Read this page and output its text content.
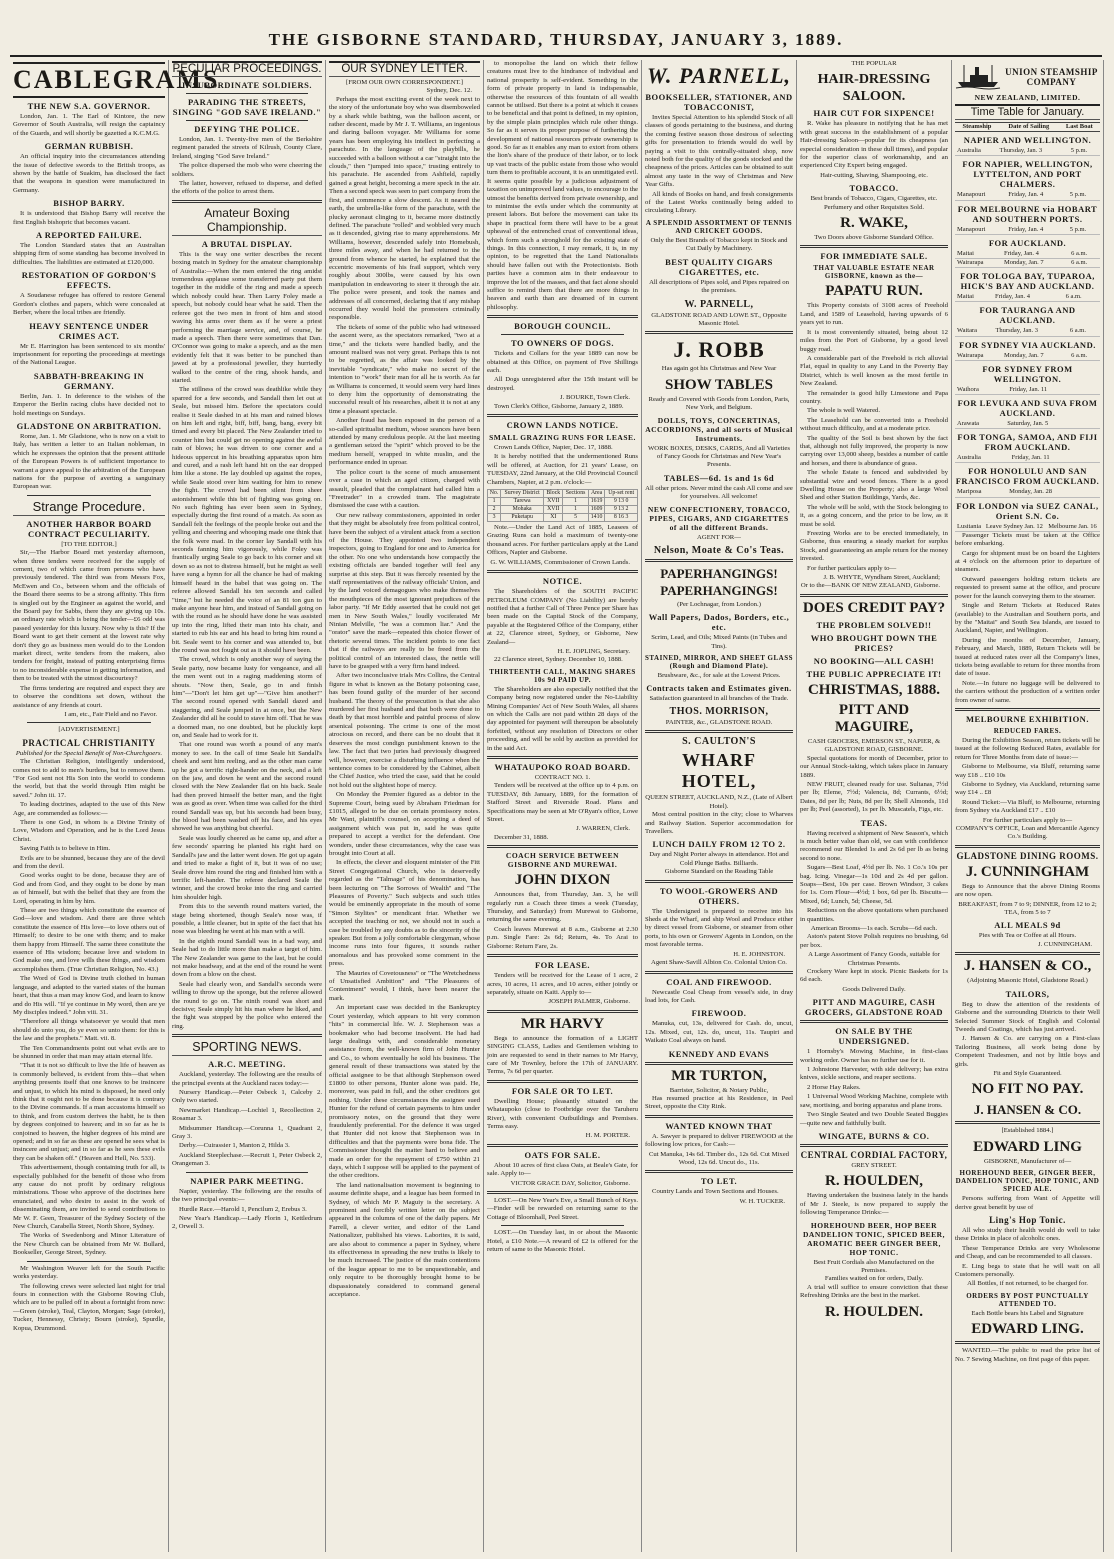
THE GISBORNE STANDARD, THURSDAY, JANUARY 3, 1889.
CABLEGRAMS
THE NEW S.A. GOVERNOR.
London, Jan. 1. The Earl of Kintore, the new Governor of South Australia, will resign the captaincy of the Guards, and will shortly be gazetted a K.C.M.G.
GERMAN RUBBISH.
An official inquiry into the circumstances attending the issue of defective swords to the British troops, as shown by the battle of Suakim, has disclosed the fact that the weapons in question were manufactured in Germany.
BISHOP BARRY.
It is understood that Bishop Barry will receive the first English bishopric that becomes vacant.
A REPORTED FAILURE.
The London Standard states that an Australian shipping firm of some standing has become involved in difficulties. The liabilities are estimated at £120,000.
RESTORATION OF GORDON'S EFFECTS.
A Soudanese refugee has offered to restore General Gordon's clothes and papers, which were concealed at Berber, where the local tribes are friendly.
HEAVY SENTENCE UNDER CRIMES ACT.
Mr E. Harrington has been sentenced to six months' imprisonment for reporting the proceedings at meetings of the National League.
SABBATH-BREAKING IN GERMANY.
Berlin, Jan. 1. In deference to the wishes of the Emperor the Berlin racing clubs have decided not to hold meetings on Sundays.
GLADSTONE ON ARBITRATION.
Rome, Jan. 1. Mr Gladstone, who is now on a visit to Italy, has written a letter to an Italian nobleman, in which he expresses the opinion that the present attitude of the European Powers is of sufficient importance to warrant a grave appeal to the arbitration of the European nations for the purpose of averting a sanguinary European war.
Strange Procedure.
ANOTHER HARBOR BOARD CONTRACT PECULIARITY.
[TO THE EDITOR.]
Sir,—The Harbor Board met yesterday afternoon, when three tenders were received for the supply of cement, two of which came from persons who have previously tendered. The third was from Messrs Fox, McEwen and Co., between whom and the officials of the Board there seems to be a strong affinity. This firm is singled out by the Engineer as against the world, and the Board pay for Sabbs, there they are giving up 10s. an ordinary rate which is being the tender—£6 odd was passed yesterday for this luxury. Now why is this? If the Board want to get their cement at the lowest rate why don't they go as business men would do to the London market direct, write tenders from the makers, also tenders for freight, instead of putting enterprising firms to no inconsiderable expense in getting information, and then to be treated with the utmost discourtesy?
The firms tendering are required and expect they are to observe the conditions set down, without the assistance of any friends at court.
I am, etc., Fair Field and no Favor.
[ADVERTISEMENT.]
PRACTICAL CHRISTIANITY
Published for the Special Benefit of Non-Churchgoers.
The Christian Religion, intelligently understood, comes not to add to men's burdens, but to remove them. "For God sent not His Son into the world to condemn the world, but that the world through Him might be saved." John iii. 17.
To leading doctrines, adapted to the use of this New Age, are commended as follows:—
There is one God, in whom is a Divine Trinity of Love, Wisdom and Operation, and he is the Lord Jesus Christ.
Saving Faith is to believe in Him.
Evils are to be shunned, because they are of the devil and from the devil.
Good works ought to be done, because they are of God and from God, and they ought to be done by man as of himself, but with the belief that they are from the Lord, operating in him by him.
These are two things which constitute the essence of God—love and wisdom. And there are three which constitute the essence of His love—to love others out of Himself; to desire to be one with them; and to make them happy from Himself. The same three constitute the essence of His wisdom; because love and wisdom in God make one, and love wills these things, and wisdom accomplishes them. (True Christian Religion, No. 43.)
The Word of God is Divine truth clothed in human language, and adapted to the varied states of the human heart, that thus a man may know God, and learn to know and do His will. "If ye continue in My word, then are ye My disciples indeed." John viii. 31.
"Therefore all things whatsoever ye would that men should do unto you, do ye even so unto them: for this is the law and the prophets." Matt. vii. 8.
The Ten Commandments point out what evils are to be shunned in order that man may attain eternal life.
"That it is not so difficult to live the life of heaven as is commonly believed, is evident from this—that when anything presents itself that one knows to be insincere and unjust, to which his mind is disposed, he need only think that it ought not to be done because it is contrary to the Divine commands. If a man accustoms himself so to think, and from custom derives the habit, he is then by degrees conjoined to heaven; and in so far as he is conjoined to heaven, the higher degrees of his mind are opened; and in so far as these are opened he sees what is insincere and unjust; and in so far as he sees these evils they can be shaken off." (Heaven and Hell, No. 533).
This advertisement, though containing truth for all, is especially published for the benefit of those who from any cause do not profit by ordinary religious ministrations. Those who approve of the doctrines here enunciated, and who desire to assist in the work of disseminating them, are invited to send contributions to Mr W. F. Geen, Treasurer of the Sydney Society of the New Church, Carabella Street, North Shore, Sydney.
The Works of Swedenborg and Minor Literature of the New Church can be obtained from Mr W. Bullard, Bookseller, George Street, Sydney.
Mr Washington Weaver left for the South Pacific works yesterday.
The following crews were selected last night for trial fours in connection with the Gisborne Rowing Club, which are to be pulled off in about a fortnight from now:—Green (stroke), Teal, Clayton, Morgan; Sage (stroke), Tucker, Hennessy, Christy; Bourn (stroke), Spurdle, Kopua, Drummond.
PECULIAR PROCEEDINGS.
INSUBORDINATE SOLDIERS.
PARADING THE STREETS, SINGING "GOD SAVE IRELAND."
DEFYING THE POLICE.
London, Jan. 1. Twenty-five men of the Berkshire regiment paraded the streets of Kilrush, County Clare, Ireland, singing "God Save Ireland."
The police dispersed the mob who were cheering the soldiers.
The latter, however, refused to disperse, and defied the efforts of the police to arrest them.
Amateur Boxing Championship.
A BRUTAL DISPLAY.
This is the way one writer describes the recent boxing match in Sydney for the amateur championship of Australia:—When the men entered the ring amidst tremendous applause some transferred party put them together in the middle of the ring and made a speech which nobody could hear. Then Larry Foley made a speech, but nobody could hear what he said. Then the referee got the two men in front of him and stood waving his arms over them as if he were a priest performing the marriage service, and, of course, he made a speech. Then there were sometimes that Dan. O'Connor was going to make a speech, and as the men evidently felt that it was better to be punched than jawed at by a professional jeweller, they hurriedly walked to the centre of the ring, shook hands, and started.
The stillness of the crowd was deathlike while they sparred for a few seconds, and Sandall then let out at Seale, but missed him. Before the spectators could realise it Seale dashed in at his man and rained blows on him left and right, biff, biff, bang, bang, every bit timed and every bit placed. The New Zealander tried to counter him but could get no opening against the awful rain of blows; he was driven to one corner and a hideous uppercut in his breathing apparatus upon him and cured, and a rash left hand hit on the ear dropped him like a stone. He lay doubled up against the ropes, while Seale stood over him waiting for him to renew the fight. The crowd had been silent from sheer astonishment while this bit of fighting was going on. No such fighting has ever been seen in Sydney, especially during the first round of a match. As soon as Sandall felt the feelings of the people broke out and the yelling and cheering and whooping made one think that the folk were mad. In the corner lay Sandall with his seconds fanning him vigorously, while Foley was frantically urging Seale to go back to his corner and sit down so as not to distress himself, but he might as well have sung a hymn for all the chance he had of making himself heard in the babel that was going on. The referee allowed Sandall his ten seconds and called "time," but he needed the voice of an 81 ton gun to make anyone hear him, and instead of Sandall going on with the round as he should have done he was assisted up into the ring, lifted their man into his chair, and started to rub his ear and his head to bring him round a bit. Seale went to his corner and was attended to, but the round was not fought out as it should have been.
The crowd, which is only another way of saying the Seale party, now became lusty for vengeance, and all the men went out in a raging maddening storm of shouts. "Now then, Seale, go in and finish him"—"Don't let him get up"—"Give him another!" The second round opened with Sandall dazed and staggering, and Seale jumped in at once, but the New Zealander did all he could to stave him off. That he was a doomed man, no one doubted, but he pluckily kept on, and Seale had to work for it.
That one round was worth a pound of any man's money to see. In the call of time Seale hit Sandall's cheek and sent him reeling, and as the other man came up he got a terrific right-hander on the neck, and a left on the jaw, and down he went and the second round closed with the New Zealander flat on his back. Seale had then proved himself the better man, and the fight was as good as over. When time was called for the third round Sandall was up, but his seconds had been busy, the blood had been washed off his face, and his eyes showed he was anything but cheerful.
Seale was loudly cheered as he came up, and after a few seconds' sparring he planted his right hard on Sandall's jaw and the latter went down. He got up again and tried to make a fight of it, but it was of no use; Seale drove him round the ring and finished him with a terrific left-hander. The referee declared Seale the winner, and the crowd broke into the ring and carried him shoulder high.
From this to the seventh round matters varied, the stage being shortened, though Seale's nose was, if possible, a little cleaner, but in spite of the fact that his nose was bleeding he went at his man with a will.
In the eighth round Sandall was in a bad way, and Seale had to do little more than make a target of him. The New Zealander was game to the last, but he could not make headway, and at the end of the round he went down from a blow on the chest.
Seale had clearly won, and Sandall's seconds were willing to throw up the sponge, but the referee allowed the round to go on. The ninth round was short and decisive; Seale simply hit his man where he liked, and the fight was stopped by the police who entered the ring.
SPORTING NEWS.
A.R.C. MEETING.
Auckland, yesterday. The following are the results of the principal events at the Auckland races today:—
Nursery Handicap.—Peter Osbeck 1, Calceby 2. Only two started.
Newmarket Handicap.—Lochiel 1, Recollection 2, Rosamar 3.
Midsummer Handicap.—Corunna 1, Quadrant 2, Gray 3.
Derby.—Cuirassier 1, Manton 2, Hilda 3.
Auckland Steeplechase.—Recruit 1, Peter Osbeck 2, Orangeman 3.
NAPIER PARK MEETING.
Napier, yesterday. The following are the results of the two principal events:—
Hurdle Race.—Harold 1, Pencilum 2, Erebus 3.
New Year's Handicap.—Lady Florin 1, Kettledrum 2, Orwell 3.
OUR SYDNEY LETTER.
[FROM OUR OWN CORRESPONDENT.]
Sydney, Dec. 12.
Perhaps the most exciting event of the week next to the story of the unfortunate boy who was disemboweled by a shark while bathing, was the balloon ascent, or rather descent, made by Mr J. T. Williams, an ingenious and daring balloon voyager. Mr Williams for some years has been employing his intellect in perfecting a parachute. In the language of the playbills, he succeeded with a balloon without a car "straight into the clouds," then "jumped into space," trusting entirely to his parachute. He ascended from Ashfield, rapidly gained a great height, becoming a mere speck in the air. Then a second speck was seen to part company from the first, and commence a slow descent. As it neared the earth, the umbrella-like form of the parachute, with the plucky aeronaut clinging to it, became more distinctly defined. The parachute "rolled" and wobbled very much as it descended, giving rise to many apprehensions. Mr Williams, however, descended safely into Homebush, three miles away, and when he had returned to the ground from whence he started, he explained that the eccentric movements of his frail support, which very roughly about 300lbs, were caused by his own manipulation in endeavoring to steer it through the air. The police were present, and took the names and addresses of all concerned, declaring that if any mishap occurred they would hold the promoters criminally responsible.
The tickets of some of the public who had witnessed the ascent were, as the spectators remarked, "two at a time," and the tickets were handled badly, and the amount realised was not very great. Perhaps this is not to be regretted, as the affair was looked by the inevitable "syndicate," who make no secret of the intention to "work" their man for all he is worth. As far as Williams is concerned, it would seem very hard lines to deny him the opportunity of demonstrating the successful result of his researches, albeit it is not at any time a pleasant spectacle.
Another fraud has been exposed in the person of a so-called spiritualist medium, whose seances have been attended by many credulous people. At the last meeting a gentleman seized the "spirit" which proved to be the medium herself, wrapped in white muslin, and the performance ended in uproar.
The police court is the scene of much amusement over a case in which an aged citizen, charged with assault, pleaded that the complainant had called him a "Freetrader" in a crowded tram. The magistrate dismissed the case with a caution.
Our new railway commissioners, appointed in order that they might be absolutely free from political control, have been the subject of a virulent attack from a section of the House. They appointed two independent inspectors, going to England for one and to America for the other. No one who understands how compactly the existing officials are banded together will feel any surprise at this step. But it was fiercely resented by the staff representatives of the railway officials' Union, and by the land voiced demagogues who make themselves the mouthpieces of the most ignorant prejudices of the labor party. "If Mr Eddy asserted that he could not get men in New South Wales," loudly vociferated Mr Ninian Melville, "he was a common liar." And the "orator" save the mark—repeated this choice flower of rhetoric several times. The incident points to one fact that if the railways are really to be freed from the political control of an interested class, the nettle will have to be grasped with a very firm hand indeed.
After two inconclusive trials Mrs Collins, the Central figure in what is known as the Botany poisoning case, has been found guilty of the murder of her second husband. The theory of the prosecution is that she also murdered her first husband and that both were done to death by that most horrible and painful process of slow arsenical poisoning. The crime is one of the most atrocious on record, and there can be no doubt that it deserves the most condign punishment known to the law. The fact that two juries had previously disagreed will, however, exercise a disturbing influence when the sentence comes to be considered by the Cabinet, albeit the Chief Justice, who tried the case, said that he could not hold out the slightest hope of mercy.
On Monday the Premier figured as a debtor in the Supreme Court, being sued by Abraham Friedman for £1015, alleged to be due on certain promissory notes. Mr Want, plaintiff's counsel, on accepting a deed of assignment which was put in, said he was quite prepared to accept a verdict for the defendant. One wonders, under these circumstances, why the case was brought into Court at all.
In effects, the clever and eloquent minister of the Fitt Street Congregational Church, who is deservedly regarded as the "Talmage" of his denomination, has been lecturing on "The Sorrows of Wealth" and "The Pleasures of Poverty." Such subjects and such titles would be eminently appropriate in the mouth of some "Simon Stylites" or mendicant friar. Whether we accepted the teaching or not, we should not in such a case be troubled by any doubts as to the sincerity of the speaker. But from a jolly comfortable clergyman, whose income runs into four figures, it sounds rather anomalous and has provoked some comment in the press.
The Mauries of Covetousness" or "The Wretchedness of Unsatisfied Ambition" and "The Pleasures of Contentment" would, I think, have been nearer the mark.
An important case was decided in the Bankruptcy Court yesterday, which appears to hit very common "hits" in commercial life. W. J. Stephenson was a bookmaker who had become insolvent. He had had large dealings with, and considerable monetary assistance from, the well-known firm of John Hunter and Co., to whom eventually he sold his business. The general result of these transactions was stated by the official assignee to be that although Stephenson owed £1800 to other persons, Hunter alone was paid. He, moreover, was paid in full, and the other creditors got nothing. Under these circumstances the assignee sued Hunter for the refund of certain payments to him under promissory notes, on the ground that they were fraudulently preferential. For the defence it was urged that Hunter did not know that Stephenson was in difficulties and that the payments were bona fide. The Commissioner thought the matter hard to believe and made an order for the repayment of £750 within 21 days, which I suppose will be applied to the payment of the other creditors.
The land nationalisation movement is beginning to assume definite shape, and a league has been formed in Sydney, of which Mr P. Maguiy is the secretary. A prominent and forcibly written letter on the subject appeared in the columns of one of the daily papers. Mr Farrell, a clever writer, and editor of the Land Nationalizer, published his views. Laborites, it is said, are also about to commence a paper in Sydney, where its effectiveness in spreading the new truths is likely to be much increased. The justice of the main contentions of the league appear to me to be unquestionable, and only require to be thoroughly brought home to be dispassionately considered to command general acceptance.
to monopolise the land on which their fellow creatures must live to the hindrance of individual and national prosperity is self-evident. Something in the form of private property in land is indispensable, otherwise the resources of this fountain of all wealth cannot be utilised. But there is a point at which it ceases to be beneficial and that point is defined, in my opinion, by the simple plain principles which rule other things. So far as it serves its proper purpose of furthering the development of national resources private ownership is good. So far as it enables any man to extort from others the lion's share of the produce of their labor, or to lock up vast tracts of the public estate from those who would turn them to profitable account, it is an unmitigated evil. It seems quite possible by a judicious adjustment of taxation on unimproved land values, to encourage to the utmost the benefits derived from private ownership, and to minimise the evils under which the community at present labors. But before the movement can take its shape in practical form there will have to be a great upheaval of the entrenched crust of conventional ideas, which form such a stronghold for the existing state of things. In this connection, I may remark, it is, in my opinion, to be regretted that the Land Nationalists should have fallen out with the Protectionists. Both parties have a common aim in their endeavour to improve the lot of the masses, and that fact alone should suffice to remind them that there are more things in heaven and earth than are dreamed of in current philosophy.
BOROUGH COUNCIL.
TO OWNERS OF DOGS.
Tickets and Collars for the year 1889 can now be obtained at this Office, on payment of Five Shillings each.
All Dogs unregistered after the 15th instant will be destroyed.
J. BOURKE, Town Clerk.
Town Clerk's Office, Gisborne, January 2, 1889.
CROWN LANDS NOTICE.
SMALL GRAZING RUNS FOR LEASE.
Crown Lands Office, Napier, Dec. 17, 1888.
It is hereby notified that the undermentioned Runs will be offered, at Auction, for 21 years' Lease, on TUESDAY, 22nd January, at the Old Provincial Council Chambers, Napier, at 2 p.m. o'clock:—
No.	Survey District	Block	Sections	Area	Up-set rent
1	Tarewa	XVII	1	1619	9 13 0
2	Mohaka	XVII	1	1609	9 13 2
3	Puketapu	XI	5	1410	8 16 3
Note.—Under the Land Act of 1885, Leasees of Grazing Runs can hold a maximum of twenty-one thousand acres. For further particulars apply at the Land Offices, Napier and Gisborne.
G. W. WILLIAMS, Commissioner of Crown Lands.
NOTICE.
The Shareholders of the SOUTH PACIFIC PETROLEUM COMPANY (No Liability) are hereby notified that a further Call of Three Pence per Share has been made on the Capital Stock of the Company, payable at the Registered Office of the Company, either at 22, Clarence street, Sydney, or Gisborne, New Zealand—
H. E. JOPLING, Secretary.
22 Clarence street, Sydney. December 10, 1888.
THIRTEENTH CALL, MAKING SHARES 10s 9d PAID UP.
The Shareholders are also especially notified that the Company being now registered under the No-Liability Mining Companies' Act of New South Wales, all shares on which the Calls are not paid within 28 days of the day appointed for payment will thereupon be absolutely forfeited, without any resolution of Directors or other proceeding, and will be sold by auction as provided for in the said Act.
WHATAUPOKO ROAD BOARD.
CONTRACT NO. 1.
Tenders will be received at the office up to 4 p.m. on TUESDAY, 8th January, 1889, for the formation of Stafford Street and Riverside Road. Plans and Specifications may be seen at Mr O'Ryan's office, Lowe Street.
J. WARREN, Clerk.
December 31, 1888.
COACH SERVICE BETWEEN GISBORNE AND MUREWAI.
JOHN DIXON
Announces that, from Thursday, Jan. 3, he will regularly run a Coach three times a week (Tuesday, Thursday, and Saturday) from Murewai to Gisborne, returning the same evening.
Coach leaves Murewai at 8 a.m., Gisborne at 2.30 p.m. Single Fare: 2s 6d; Return, 4s. To Arai to Gisborne: Return Fare, 2s.
FOR LEASE.
Tenders will be received for the Lease of 1 acre, 2 acres, 10 acres, 11 acres, and 10 acres, either jointly or separately, situate on Kaiti. Apply to—
JOSEPH PALMER, Gisborne.
MR HARVY
Begs to announce the formation of a LIGHT SINGING CLASS, Ladies and Gentlemen wishing to join are requested to send in their names to Mr Harvy, care of Mr Townley, before the 17th of JANUARY. Terms, 7s 6d per quarter.
FOR SALE OR TO LET.
Dwelling House; pleasantly situated on the Whataupoko (close to Footbridge over the Taruheru River), with convenient Outbuildings and Premises. Terms easy.
H. M. PORTER.
OATS FOR SALE.
About 10 acres of first class Oats, at Beale's Gate, for sale. Apply to—
VICTOR GRACE DAY, Solicitor, Gisborne.
LOST.—On New Year's Eve, a Small Bunch of Keys.—Finder will be rewarded on returning same to the Cottage of Bloomhall, Peel Street.
LOST.—On Tuesday last, in or about the Masonic Hotel, a £10 Note.—A reward of £2 is offered for the return of same to the Masonic Hotel.
W. PARNELL,
BOOKSELLER, STATIONER, AND TOBACCONIST,
Invites Special Attention to his splendid Stock of all classes of goods pertaining to the business, and during the coming festive season those desirous of selecting gifts for presentation to friends would do well by paying a visit to this centrally-situated shop, now noted both for the quality of the goods stocked and the cheapness of the prices. Articles can be obtained to suit almost any taste in the way of Christmas and New Year Gifts.
All kinds of Books on hand, and fresh consignments of the Latest Works continually being added to circulating Library.
A SPLENDID ASSORTMENT OF TENNIS AND CRICKET GOODS.
Only the Best Brands of Tobacco kept in Stock and Cut Daily by Machinery.
BEST QUALITY CIGARS CIGARETTES, etc.
All descriptions of Pipes sold, and Pipes repaired on the premises.
W. PARNELL,
GLADSTONE ROAD AND LOWE ST., Opposite Masonic Hotel.
J. ROBB
Has again got his Christmas and New Year
SHOW TABLES
Ready and Covered with Goods from London, Paris, New York, and Belgium.
DOLLS, TOYS, CONCERTINAS, ACCORDIONS, and all sorts of Musical Instruments.
WORK BOXES, DESKS, CARDS, And all Varieties of Fancy Goods for Christmas and New Year's Presents.
TABLES—6d. 1s and 1s 6d
All other prices. Never mind the cash All come and see for yourselves. All welcome!
NEW CONFECTIONERY, TOBACCO, PIPES, CIGARS, AND CIGARETTES of all the different Brands.
AGENT FOR—
Nelson, Moate & Co's Teas.
PAPERHANGINGS! PAPERHANGINGS!
(Per Lochnagar, from London.)
Wall Papers, Dados, Borders, etc., etc.
Scrim, Lead, and Oils; Mixed Paints (in Tubes and Tins).
STAINED, MIRROR, AND SHEET GLASS (Rough and Diamond Plate).
Brushware, &c., for sale at the Lowest Prices.
Contracts taken and Estimates given.
Satisfaction guaranteed in all branches of the Trade.
THOS. MORRISON,
PAINTER, &c., GLADSTONE ROAD.
S. CAULTON'S
WHARF HOTEL,
QUEEN STREET, AUCKLAND, N.Z., (Late of Albert Hotel).
Most central position in the city; close to Wharves and Railway Station. Superior accommodation for Travellers.
LUNCH DAILY FROM 12 TO 2.
Day and Night Porter always in attendance. Hot and Cold Plunge Baths. Billiards.
Gisborne Standard on the Reading Table
TO WOOL-GROWERS AND OTHERS.
The Undersigned is prepared to receive into his Sheds at the Wharf, and ship Wool and Produce either by direct vessel from Gisborne, or steamer from other ports, to his own or Growers' Agents in London, on the most favorable terms.
H. E. JOHNSTON.
Agent Shaw-Savill Albion Co. Colonial Union Co.
COAL AND FIREWOOD.
Newcastle Coal Cheap from vessel's side, in dray load lots, for Cash.
FIREWOOD.
Manuka, cut, 13s, delivered for Cash. do, uncut, 12s. Mixed, cut, 12s. do, uncut, 11s. Taupiri and Waikato Coal always on hand.
KENNEDY AND EVANS
MR TURTON,
Barrister, Solicitor, & Notary Public,
Has resumed practice at his Residence, in Peel Street, opposite the City Rink.
WANTED KNOWN THAT
A. Sawyer is prepared to deliver FIREWOOD at the following low prices, for Cash:—
Cut Manuka, 14s 6d. Timber do., 12s 6d. Cut Mixed Wood, 12s 6d. Uncut do., 11s.
TO LET.
Country Lands and Town Sections and Houses.
W. H. TUCKER.
THE POPULAR
HAIR-DRESSING SALOON.
HAIR CUT FOR SIXPENCE!
R. Wake has pleasure in notifying that he has met with great success in the establishment of a popular Hair-dressing Saloon—popular for its cheapness (an especial consideration in these dull times), and popular for the superior class of workmanship, and an experienced City Expert being engaged.
Hair-cutting, Shaving, Shampooing, etc.
TOBACCO.
Best brands of Tobacco, Cigars, Cigarettes, etc.
Perfumery and other Requisites Sold.
R. WAKE,
Two Doors above Gisborne Standard Office.
FOR IMMEDIATE SALE.
THAT VALUABLE ESTATE NEAR GISBORNE, known as the—
PAPATU RUN.
This Property consists of 3108 acres of Freehold Land, and 1589 of Leasehold, having upwards of 6 years yet to run.
It is most conveniently situated, being about 12 miles from the Port of Gisborne, by a good level buggy road.
A considerable part of the Freehold is rich alluvial Flat, equal in quality to any Land in the Poverty Bay District, which is well known as the most fertile in New Zealand.
The remainder is good hilly Limestone and Papa country.
The whole is well Watered.
The Leasehold can be converted into a Freehold without much difficulty, and at a moderate price.
The quality of the Soil is best shown by the fact that, although not fully improved, the property is now carrying over 13,000 sheep, besides a number of cattle and horses, and there is abundance of grass.
The whole Estate is fenced and subdivided by substantial wire and wood fences. There is a good Dwelling House on the Property; also a large Wool Shed and other Station Buildings, Yards, &c.
The whole will be sold, with the Stock belonging to it, as a going concern, and the price to be low, as it must be sold.
Freezing Works are to be erected immediately, in Gisborne, thus ensuring a steady market for surplus Stock, and guaranteeing an ample return for the money invested.
For further particulars apply to—
J. B. WHYTE, Wyndham Street, Auckland;
Or to the—BANK OF NEW ZEALAND, Gisborne.
DOES CREDIT PAY?
THE PROBLEM SOLVED!!
WHO BROUGHT DOWN THE PRICES?
NO BOOKING—ALL CASH!
THE PUBLIC APPRECIATE IT!
CHRISTMAS, 1888.
PITT AND MAGUIRE,
CASH GROCERS, EMERSON ST., NAPIER, & GLADSTONE ROAD, GISBORNE.
Special quotations for month of December, prior to our Annual Stock-taking, which takes place in January 1889.
NEW FRUIT, cleaned ready for use. Sultanas, 7½d per lb; Eleme, 7½d; Valencia, 8d; Currants, 6½d; Dates, 8d per lb; Nuts, 8d per lb; Shell Almonds, 11d per lb; Peel (assorted), 1s per lb. Muscatels, Figs, etc.
TEAS.
Having received a shipment of New Season's, which is much better value than old, we can with confidence recommend our Blended 1s and 2s 6d per lb as being second to none.
Sugars—Best Loaf, 4½d per lb. No. 1 Co.'s 10s per bag. Icing. Vinegar—1s 10d and 2s 4d per gallon. Soaps—Best, 10s per case. Brown Windsor, 3 cakes for 1s. Corn Flour—4½d; 1 box, 6d per lb. Biscuits—Mixed, 6d; Lunch, 5d; Cheese, 5d.
Reductions on the above quotations when purchased in quantities.
American Brooms—1s each. Scrubs—6d each.
Aston's patent Stove Polish requires no brushing, 6d per box.
A Large Assortment of Fancy Goods, suitable for Christmas Presents.
Crockery Ware kept in stock. Picnic Baskets for 1s 6d each.
Goods Delivered Daily.
PITT AND MAGUIRE, CASH GROCERS, GLADSTONE ROAD
ON SALE BY THE UNDERSIGNED.
1 Hornsby's Mowing Machine, in first-class working order. Owner has no further use for it.
1 Johnstone Harvester, with side delivery; has extra knives, sickle sections, and reaper sections.
2 Horse Hay Rakes.
1 Universal Wood Working Machine, complete with saw, mortising, and boring apparatus and plane irons.
Two Single Seated and two Double Seated Buggies—quite new and faithfully built.
WINGATE, BURNS & CO.
CENTRAL CORDIAL FACTORY,
GREY STREET.
R. HOULDEN,
Having undertaken the business lately in the hands of Mr J. Steele, is now prepared to supply the following Temperance Drinks:—
HOREHOUND BEER, HOP BEER DANDELION TONIC, SPICED BEER, AROMATIC BEER GINGER BEER, HOP TONIC.
Best Fruit Cordials also Manufactured on the Premises.
Families waited on for orders, Daily.
A trial will suffice to ensure conviction that these Refreshing Drinks are the best in the market.
R. HOULDEN.
UNION STEAMSHIP COMPANY
NEW ZEALAND, LIMITED.
Time Table for January.
Steamship	Date of Sailing	Last Boat
NAPIER AND WELLINGTON.
Australia	Thursday, Jan. 3	5 p.m.
FOR NAPIER, WELLINGTON, LYTTELTON, AND PORT CHALMERS.
Manapouri	Friday, Jan. 4	5 p.m.
FOR MELBOURNE via HOBART AND SOUTHERN PORTS.
Manapouri	Friday, Jan. 4	5 p.m.
FOR AUCKLAND.
Maitai	Friday, Jan. 4	6 a.m.
Wairarapa	Monday, Jan. 7	6 a.m.
FOR TOLOGA BAY, TUPAROA, HICK'S BAY AND AUCKLAND.
Maitai	Friday, Jan. 4	6 a.m.
FOR TAURANGA AND AUCKLAND.
Waitara	Thursday, Jan. 3	6 a.m.
FOR SYDNEY VIA AUCKLAND.
Wairarapa	Monday, Jan. 7	6 a.m.
FOR SYDNEY FROM WELLINGTON.
Waihora	Friday, Jan. 11	
FOR LEVUKA AND SUVA FROM AUCKLAND.
Arawata	Saturday, Jan. 5	
FOR TONGA, SAMOA, AND FIJI FROM AUCKLAND.
Australia	Friday, Jan. 11	
FOR HONOLULU AND SAN FRANCISCO FROM AUCKLAND.
Mariposa	Monday, Jan. 28	
FOR LONDON via SUEZ CANAL, Orient S.N. Co.
Lusitania	Leave Sydney Jan. 12	Melbourne Jan. 16
Passenger Tickets must be taken at the Office before embarking.
Cargo for shipment must be on board the Lighters at 4 o'clock on the afternoon prior to departure of steamers.
Outward passengers holding return tickets are requested to present same at the office, and procure power for the launch conveying them to the steamer.
Single and Return Tickets at Reduced Rates (available) to the Australian and Southern ports, and by the "Maitai" and South Sea Islands, are issued to Auckland, Napier, and Wellington.
During the months of December, January, February, and March, 1889, Return Tickets will be issued at reduced rates over all the Company's lines, tickets being available to return for three months from date of issue.
Note.—In future no luggage will be delivered to the carriers without the production of a written order from owner of same.
MELBOURNE EXHIBITION.
REDUCED FARES.
During the Exhibition Season, return tickets will be issued at the following Reduced Rates, available for return for Three Months from date of issue:—
Gisborne to Melbourne, via Bluff, returning same way £18 .. £10 10s
Gisborne to Sydney, via Auckland, returning same way £14 .. £8
Round Ticket:—Via Bluff, to Melbourne, returning from Sydney via Auckland £17 .. £10
For further particulars apply to—
COMPANY'S OFFICE, Loan and Mercantile Agency Co.'s Building.
GLADSTONE DINING ROOMS.
J. CUNNINGHAM
Begs to Announce that the above Dining Rooms are now open.
BREAKFAST, from 7 to 9; DINNER, from 12 to 2; TEA, from 5 to 7
ALL MEALS 9d
Pies with Tea or Coffee at all Hours.
J. CUNNINGHAM.
J. HANSEN & CO.,
(Adjoining Masonic Hotel, Gladstone Road.)
TAILORS,
Beg to draw the attention of the residents of Gisborne and the surrounding Districts to their Well Selected Summer Stock of English and Colonial Tweeds and Coatings, which has just arrived.
J. Hansen & Co. are carrying on a First-class Tailoring Business, all work being done by Competent Tradesmen, and not by little boys and girls.
Fit and Style Guaranteed.
NO FIT NO PAY.
J. HANSEN & CO.
[Established 1884.]
EDWARD LING
GISBORNE, Manufacturer of—
HOREHOUND BEER, GINGER BEER, DANDELION TONIC, HOP TONIC, AND SPICED ALE.
Persons suffering from Want of Appetite will derive great benefit by use of
Ling's Hop Tonic.
All who study their health would do well to take these Drinks in place of alcoholic ones.
These Temperance Drinks are very Wholesome and Cheap, and can be recommended to all classes.
E. Ling begs to state that he will wait on all Customers personally.
All Bottles, if not returned, to be charged for.
ORDERS BY POST PUNCTUALLY ATTENDED TO.
Each Bottle bears his Label and Signature
EDWARD LING.
WANTED.—The public to read the price list of No. 7 Sewing Machine, on first page of this paper.
